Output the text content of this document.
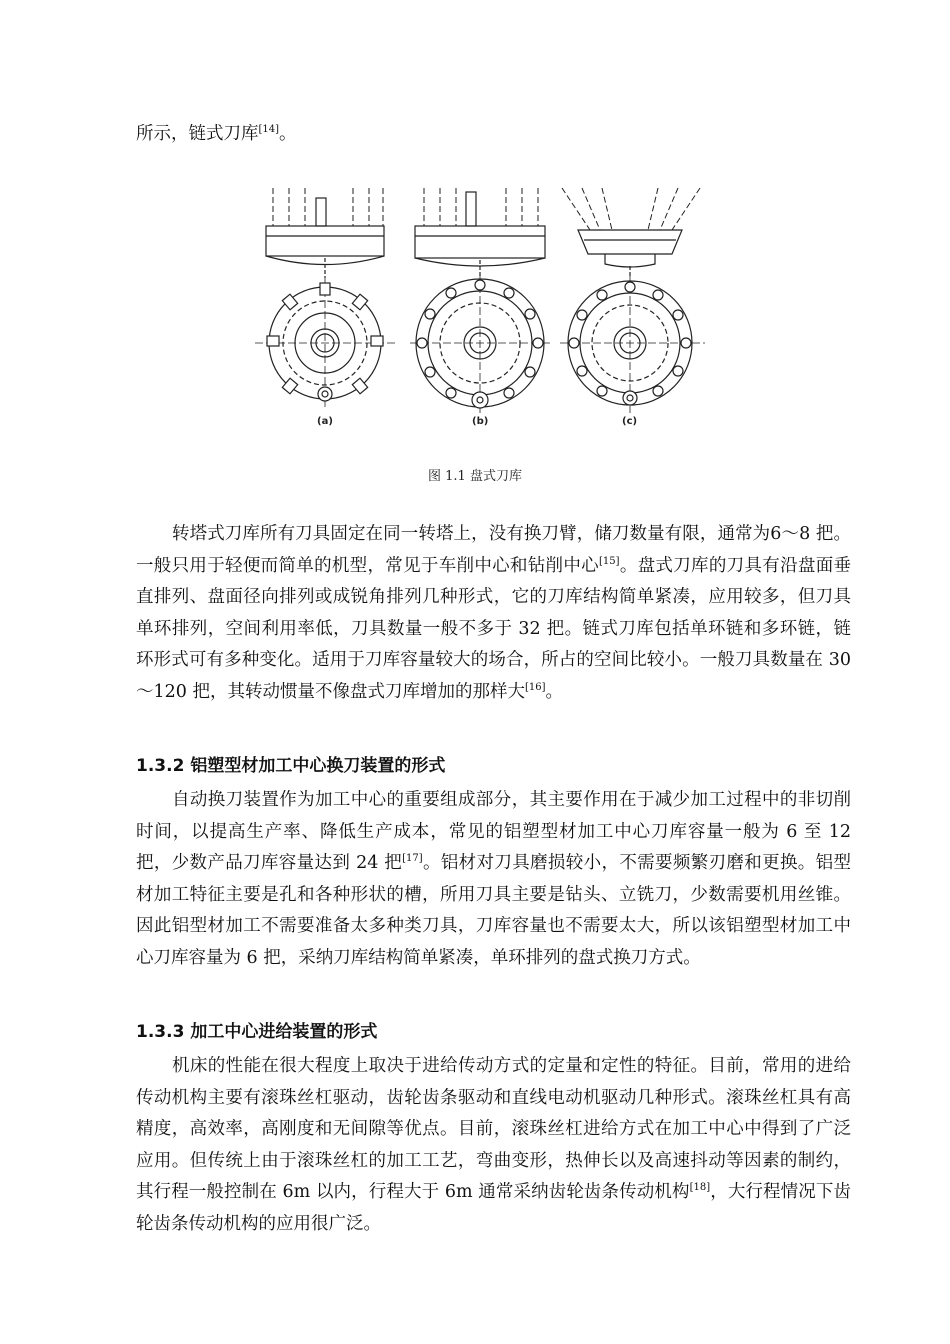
所示，链式刀库[14]。

(a)	(b)	(c)
图 1.1 盘式刀库

转塔式刀库所有刀具固定在同一转塔上，没有换刀臂，储刀数量有限，通常为6～8 把。一般只用于轻便而简单的机型，常见于车削中心和钻削中心[15]。盘式刀库的刀具有沿盘面垂直排列、盘面径向排列或成锐角排列几种形式，它的刀库结构简单紧凑，应用较多，但刀具单环排列，空间利用率低，刀具数量一般不多于 32 把。链式刀库包括单环链和多环链，链环形式可有多种变化。适用于刀库容量较大的场合，所占的空间比较小。一般刀具数量在 30～120 把，其转动惯量不像盘式刀库增加的那样大[16]。

1.3.2 铝塑型材加工中心换刀装置的形式

自动换刀装置作为加工中心的重要组成部分，其主要作用在于减少加工过程中的非切削时间，以提高生产率、降低生产成本，常见的铝塑型材加工中心刀库容量一般为 6 至 12 把，少数产品刀库容量达到 24 把[17]。铝材对刀具磨损较小，不需要频繁刃磨和更换。铝型材加工特征主要是孔和各种形状的槽，所用刀具主要是钻头、立铣刀，少数需要机用丝锥。因此铝型材加工不需要准备太多种类刀具，刀库容量也不需要太大，所以该铝塑型材加工中心刀库容量为 6 把，采纳刀库结构简单紧凑，单环排列的盘式换刀方式。

1.3.3 加工中心进给装置的形式

机床的性能在很大程度上取决于进给传动方式的定量和定性的特征。目前，常用的进给传动机构主要有滚珠丝杠驱动，齿轮齿条驱动和直线电动机驱动几种形式。滚珠丝杠具有高精度，高效率，高刚度和无间隙等优点。目前，滚珠丝杠进给方式在加工中心中得到了广泛应用。但传统上由于滚珠丝杠的加工工艺，弯曲变形，热伸长以及高速抖动等因素的制约，其行程一般控制在 6m 以内，行程大于 6m 通常采纳齿轮齿条传动机构[18]，大行程情况下齿轮齿条传动机构的应用很广泛。
